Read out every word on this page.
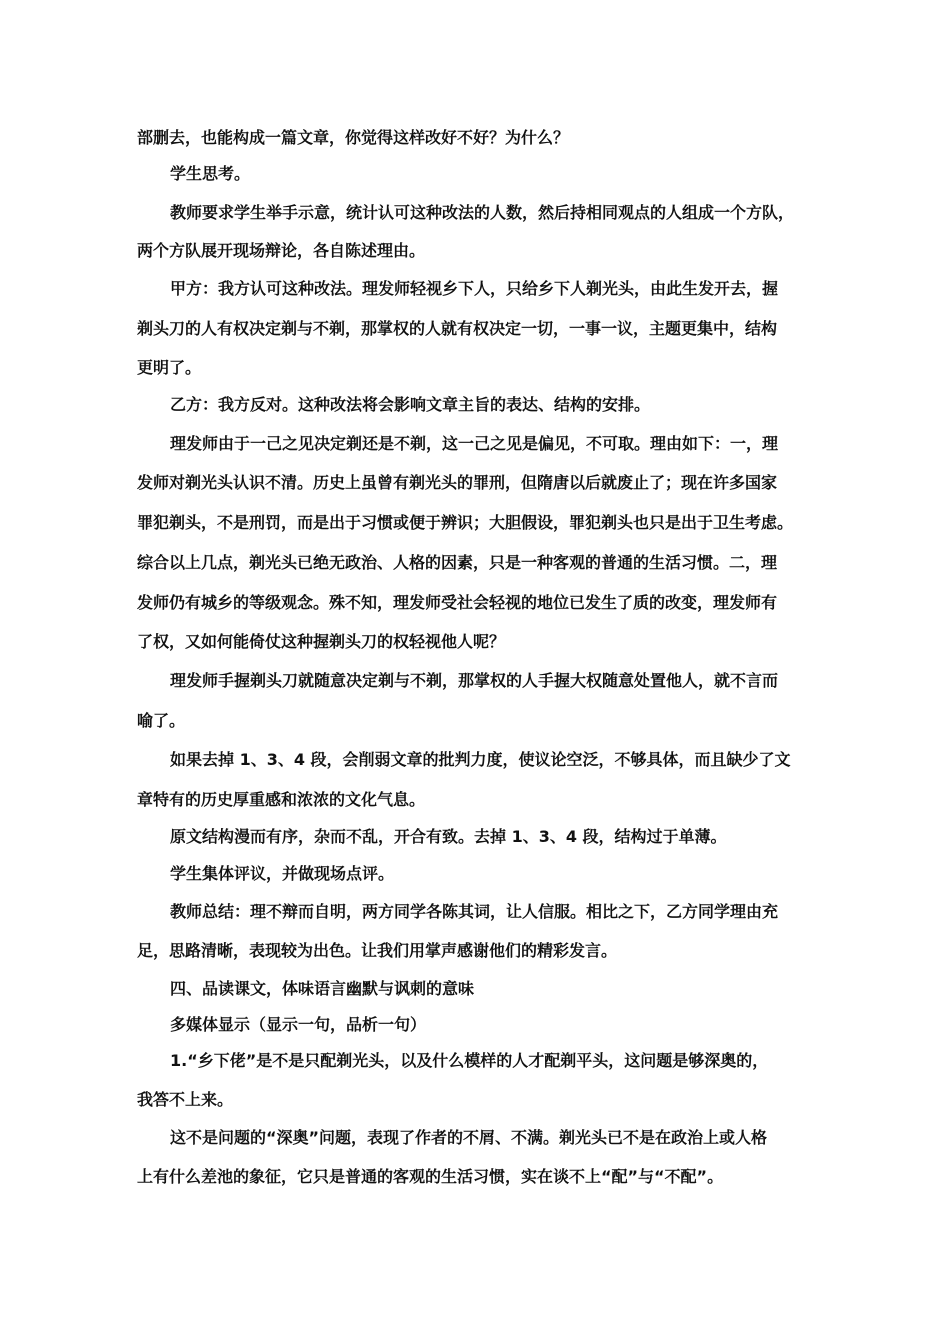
部删去，也能构成一篇文章，你觉得这样改好不好？为什么？
学生思考。
教师要求学生举手示意，统计认可这种改法的人数，然后持相同观点的人组成一个方队，
两个方队展开现场辩论，各自陈述理由。
甲方：我方认可这种改法。理发师轻视乡下人，只给乡下人剃光头，由此生发开去，握
剃头刀的人有权决定剃与不剃，那掌权的人就有权决定一切，一事一议，主题更集中，结构
更明了。
乙方：我方反对。这种改法将会影响文章主旨的表达、结构的安排。
理发师由于一己之见决定剃还是不剃，这一己之见是偏见，不可取。理由如下：一，理
发师对剃光头认识不清。历史上虽曾有剃光头的罪刑，但隋唐以后就废止了；现在许多国家
罪犯剃头，不是刑罚，而是出于习惯或便于辨识；大胆假设，罪犯剃头也只是出于卫生考虑。
综合以上几点，剃光头已绝无政治、人格的因素，只是一种客观的普通的生活习惯。二，理
发师仍有城乡的等级观念。殊不知，理发师受社会轻视的地位已发生了质的改变，理发师有
了权，又如何能倚仗这种握剃头刀的权轻视他人呢？
理发师手握剃头刀就随意决定剃与不剃，那掌权的人手握大权随意处置他人，就不言而
喻了。
如果去掉 1、3、4 段，会削弱文章的批判力度，使议论空泛，不够具体，而且缺少了文
章特有的历史厚重感和浓浓的文化气息。
原文结构漫而有序，杂而不乱，开合有致。去掉 1、3、4 段，结构过于单薄。
学生集体评议，并做现场点评。
教师总结：理不辩而自明，两方同学各陈其词，让人信服。相比之下，乙方同学理由充
足，思路清晰，表现较为出色。让我们用掌声感谢他们的精彩发言。
四、品读课文，体味语言幽默与讽刺的意味
多媒体显示（显示一句，品析一句）
1.“乡下佬”是不是只配剃光头，以及什么模样的人才配剃平头，这问题是够深奥的，
我答不上来。
这不是问题的“深奥”问题，表现了作者的不屑、不满。剃光头已不是在政治上或人格
上有什么差池的象征，它只是普通的客观的生活习惯，实在谈不上“配”与“不配”。
